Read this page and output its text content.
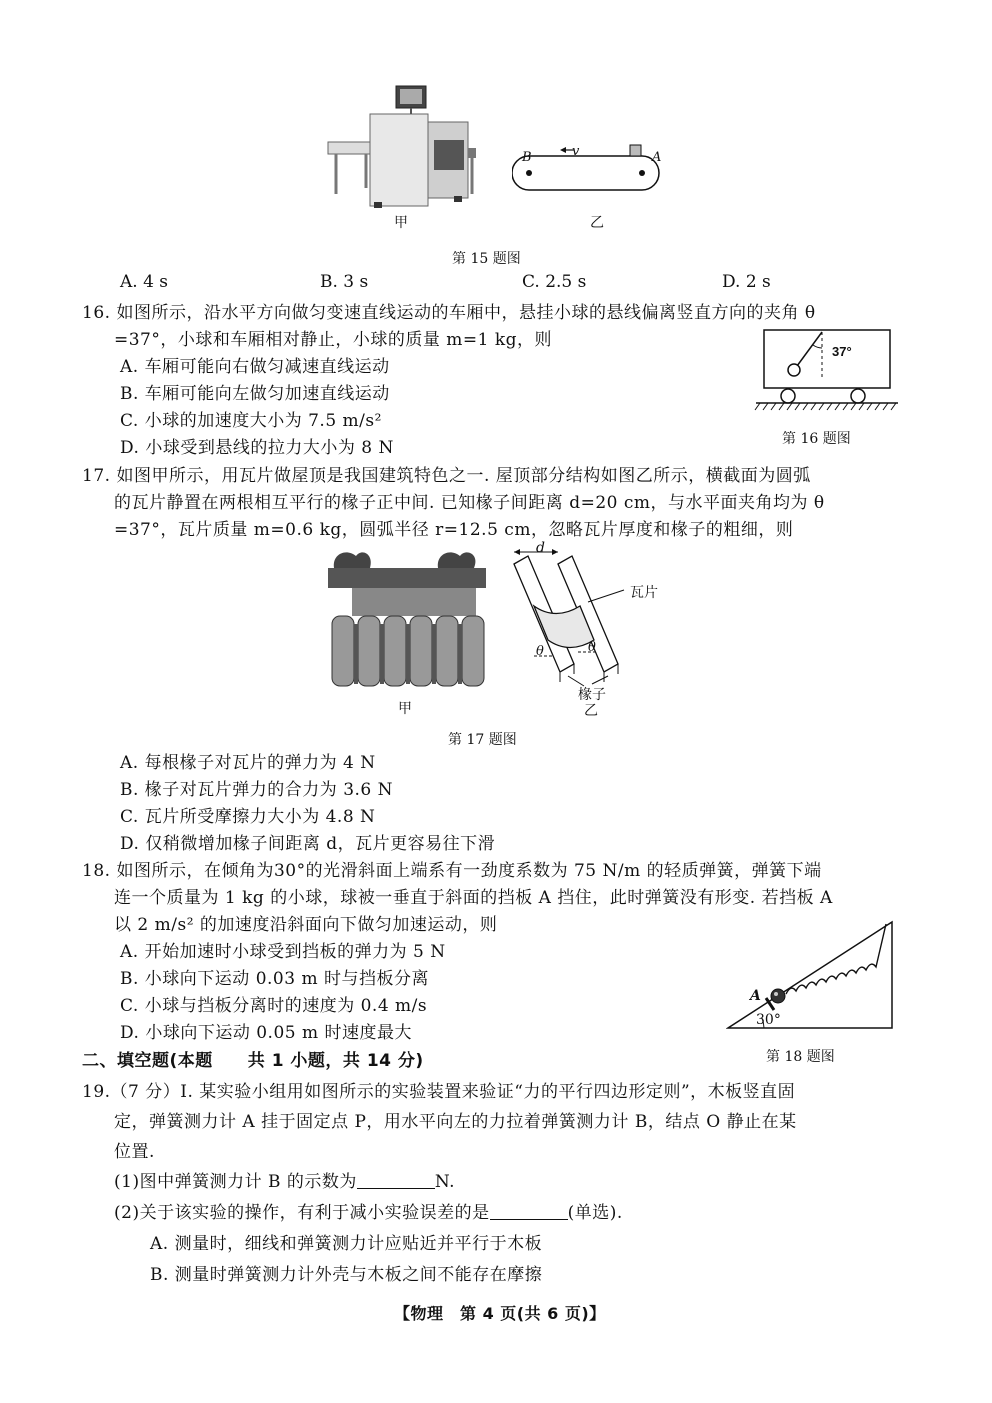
甲
B	v	A
乙
第 15 题图
A. 4 s	B. 3 s	C. 2.5 s	D. 2 s
16. 如图所示，沿水平方向做匀变速直线运动的车厢中，悬挂小球的悬线偏离竖直方向的夹角 θ
=37°，小球和车厢相对静止，小球的质量 m=1 kg，则
A. 车厢可能向右做匀减速直线运动
B. 车厢可能向左做匀加速直线运动
C. 小球的加速度大小为 7.5 m/s²
D. 小球受到悬线的拉力大小为 8 N
37°
第 16 题图
17. 如图甲所示，用瓦片做屋顶是我国建筑特色之一. 屋顶部分结构如图乙所示，横截面为圆弧
的瓦片静置在两根相互平行的椽子正中间. 已知椽子间距离 d=20 cm，与水平面夹角均为 θ
=37°，瓦片质量 m=0.6 kg，圆弧半径 r=12.5 cm，忽略瓦片厚度和椽子的粗细，则
甲
d
瓦片
θ	θ
椽子
乙
第 17 题图
A. 每根椽子对瓦片的弹力为 4 N
B. 椽子对瓦片弹力的合力为 3.6 N
C. 瓦片所受摩擦力大小为 4.8 N
D. 仅稍微增加椽子间距离 d，瓦片更容易往下滑
18. 如图所示，在倾角为30°的光滑斜面上端系有一劲度系数为 75 N/m 的轻质弹簧，弹簧下端
连一个质量为 1 kg 的小球，球被一垂直于斜面的挡板 A 挡住，此时弹簧没有形变. 若挡板 A
以 2 m/s² 的加速度沿斜面向下做匀加速运动，则
A. 开始加速时小球受到挡板的弹力为 5 N
B. 小球向下运动 0.03 m 时与挡板分离
C. 小球与挡板分离时的速度为 0.4 m/s
D. 小球向下运动 0.05 m 时速度最大
A
30°
第 18 题图
二、填空题(本题　　共 1 小题，共 14 分)
19.（7 分）Ⅰ. 某实验小组用如图所示的实验装置来验证“力的平行四边形定则”，木板竖直固
定，弹簧测力计 A 挂于固定点 P，用水平向左的力拉着弹簧测力计 B，结点 O 静止在某
位置.
(1)图中弹簧测力计 B 的示数为	N.
(2)关于该实验的操作，有利于减小实验误差的是	(单选).
A. 测量时，细线和弹簧测力计应贴近并平行于木板
B. 测量时弹簧测力计外壳与木板之间不能存在摩擦
【物理　第 4 页(共 6 页)】
